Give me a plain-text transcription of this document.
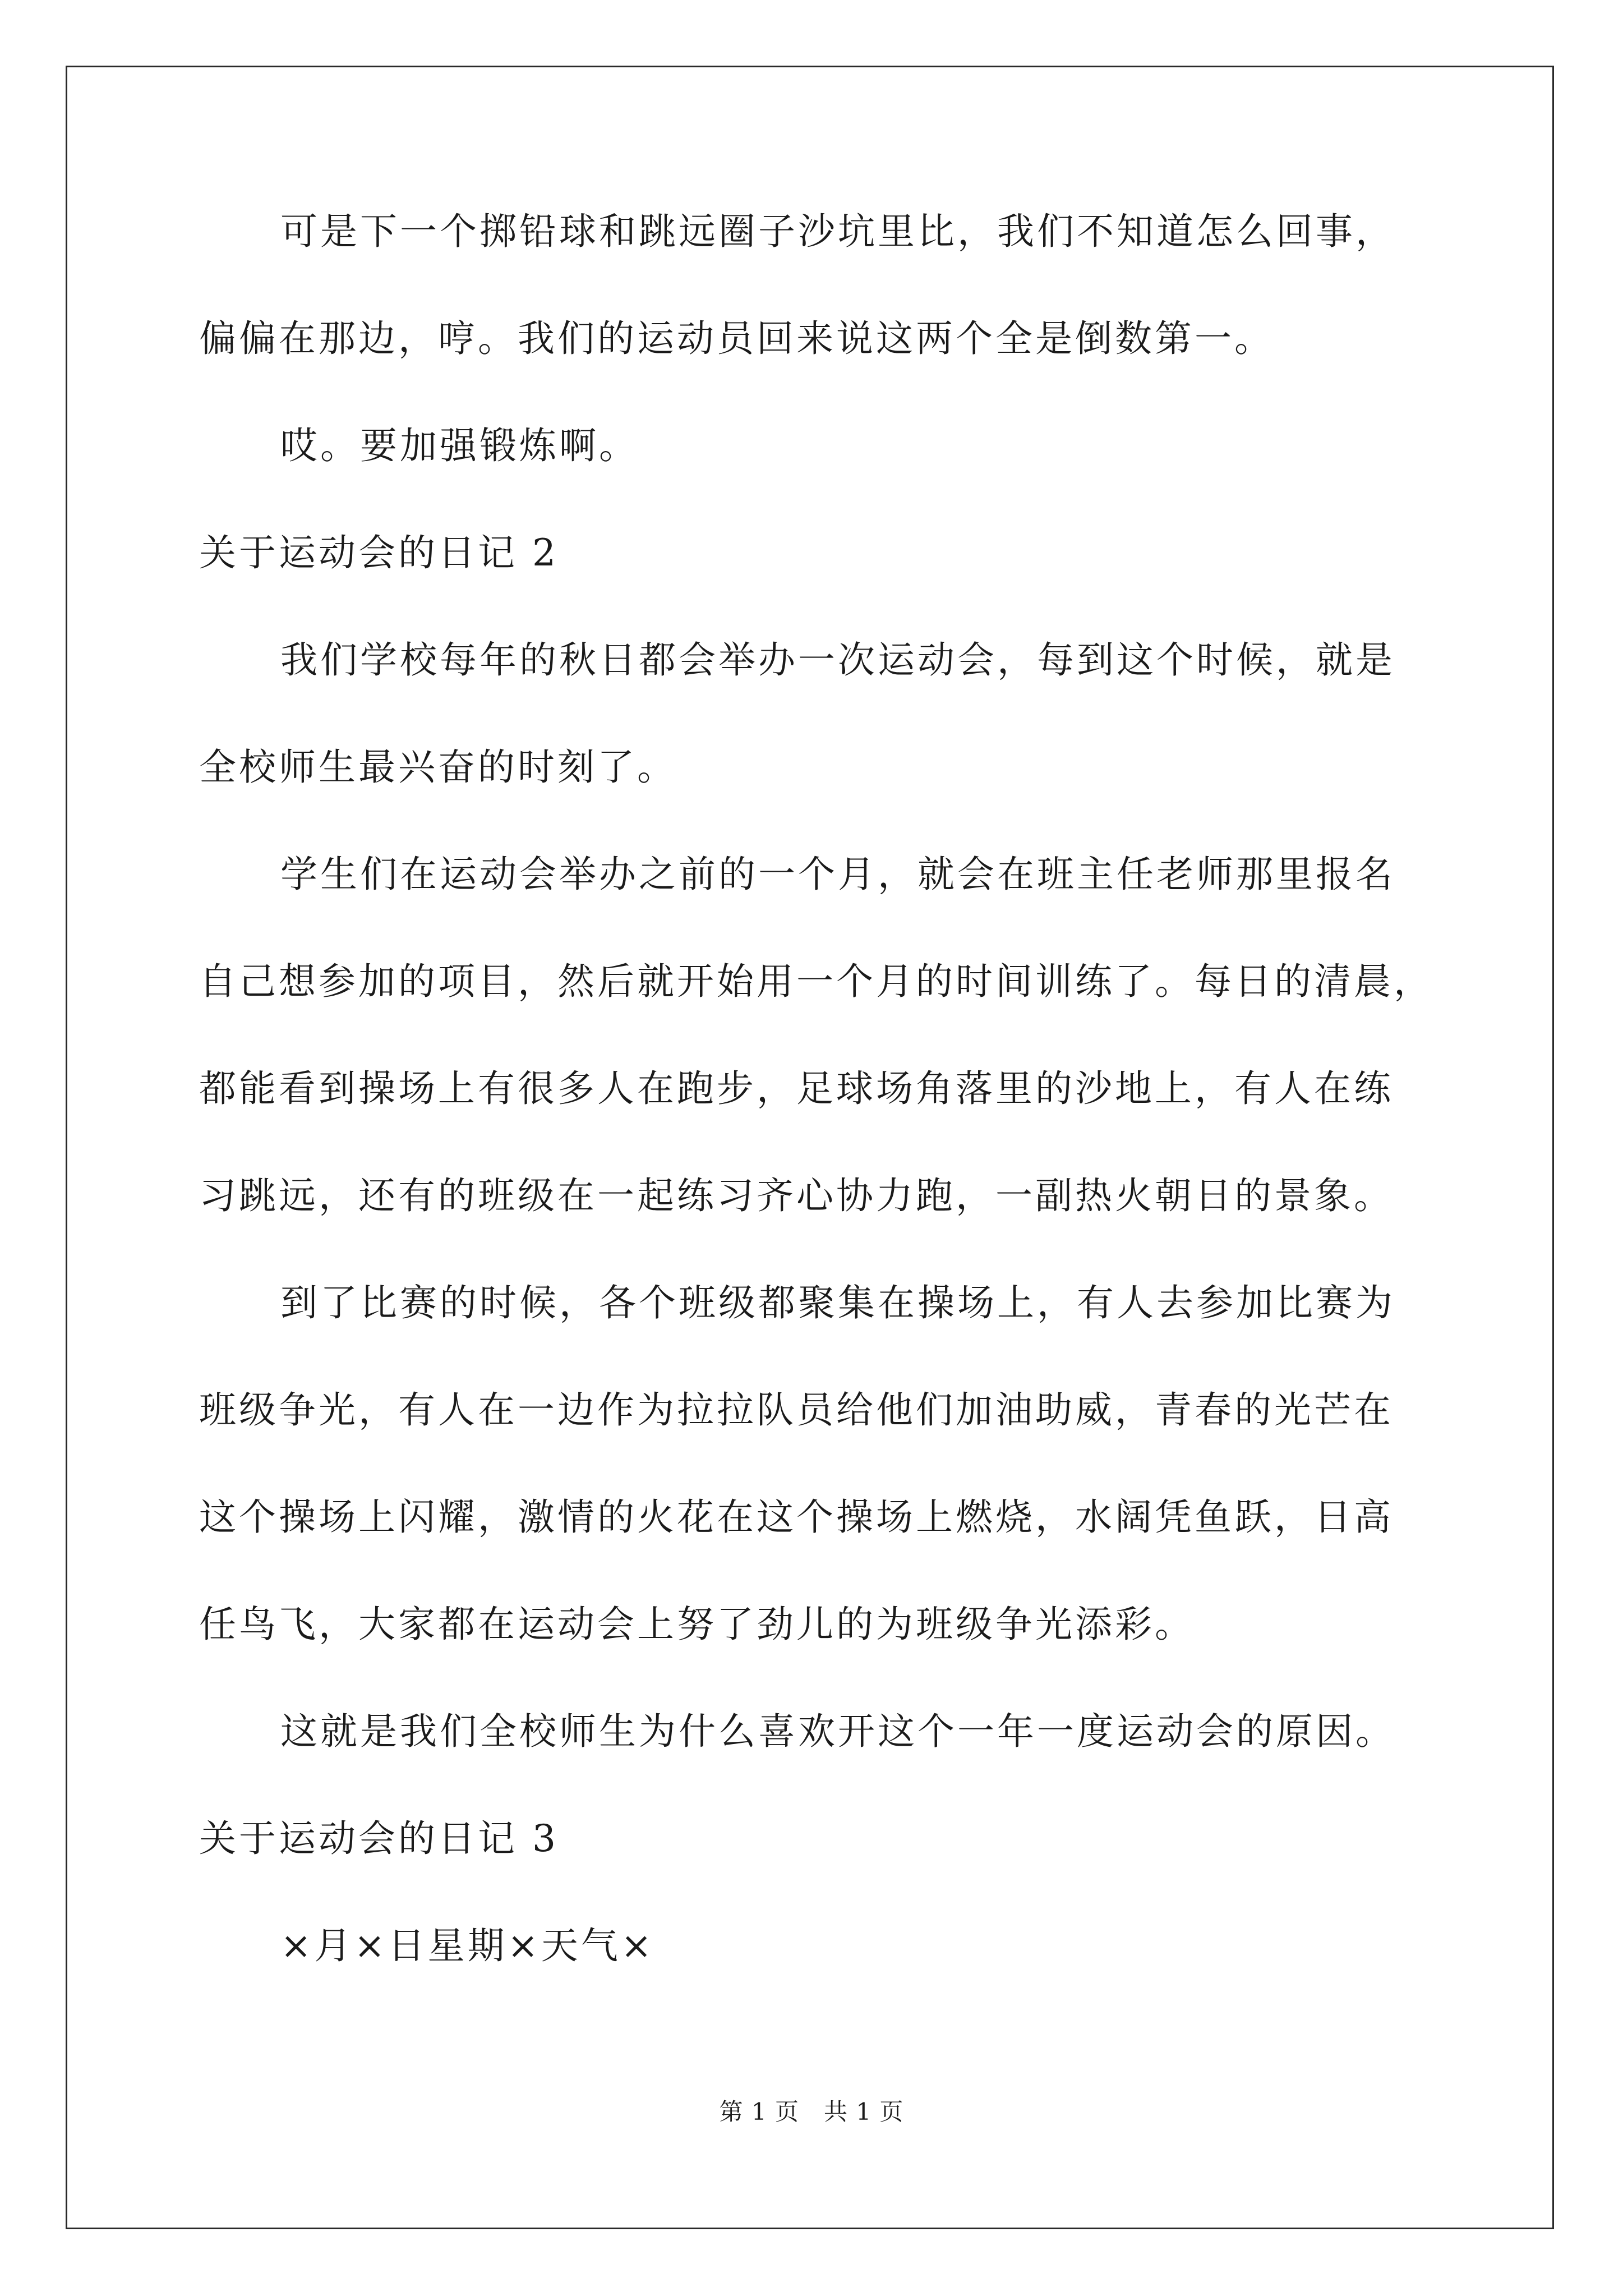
可是下一个掷铅球和跳远圈子沙坑里比，我们不知道怎么回事，
偏偏在那边，哼。我们的运动员回来说这两个全是倒数第一。
哎。要加强锻炼啊。
关于运动会的日记 2
我们学校每年的秋日都会举办一次运动会，每到这个时候，就是
全校师生最兴奋的时刻了。
学生们在运动会举办之前的一个月，就会在班主任老师那里报名
自己想参加的项目，然后就开始用一个月的时间训练了。每日的清晨，
都能看到操场上有很多人在跑步，足球场角落里的沙地上，有人在练
习跳远，还有的班级在一起练习齐心协力跑，一副热火朝日的景象。
到了比赛的时候，各个班级都聚集在操场上，有人去参加比赛为
班级争光，有人在一边作为拉拉队员给他们加油助威，青春的光芒在
这个操场上闪耀，激情的火花在这个操场上燃烧，水阔凭鱼跃，日高
任鸟飞，大家都在运动会上努了劲儿的为班级争光添彩。
这就是我们全校师生为什么喜欢开这个一年一度运动会的原因。
关于运动会的日记 3
×月×日星期×天气×
第 1 页 共 1 页
